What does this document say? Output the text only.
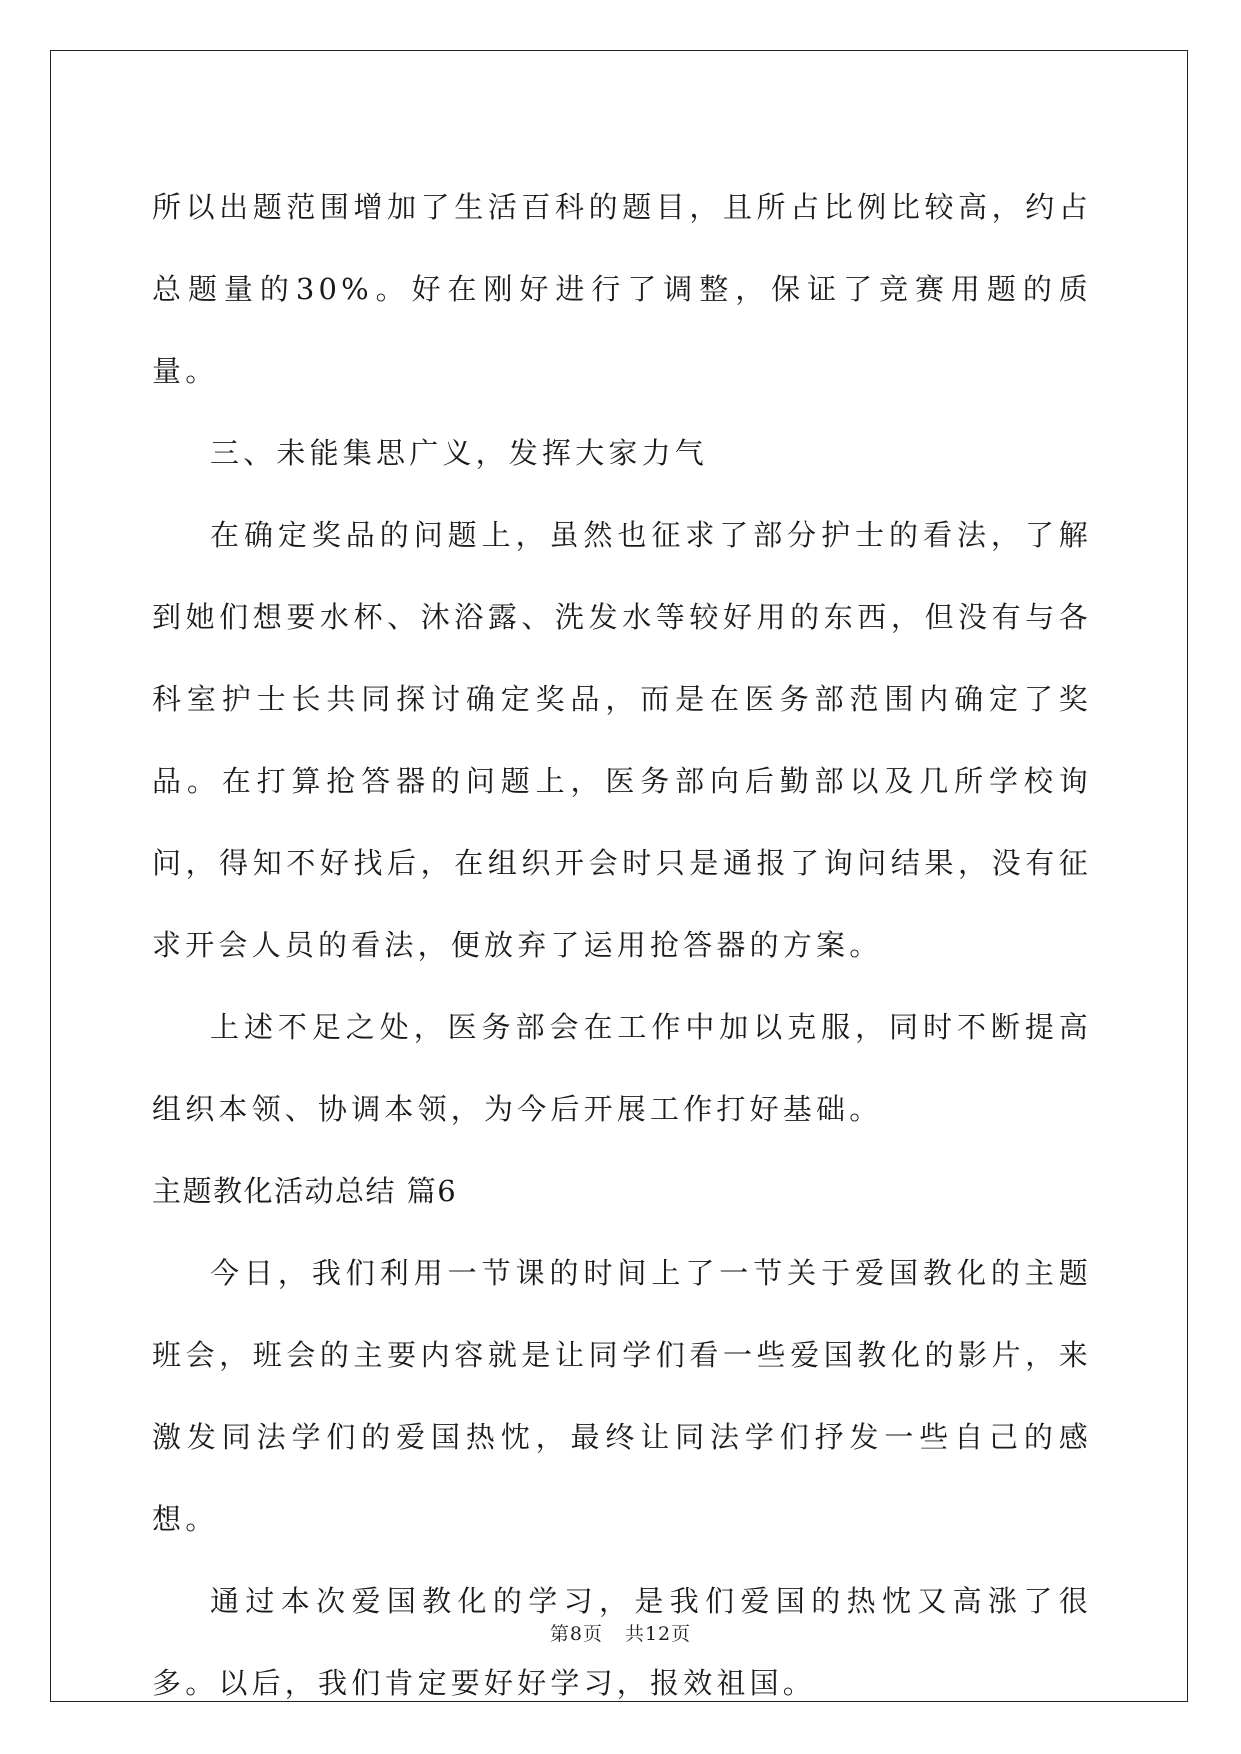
所以出题范围增加了生活百科的题目，且所占比例比较高，约占总题量的30%。好在刚好进行了调整，保证了竞赛用题的质量。

三、未能集思广义，发挥大家力气

在确定奖品的问题上，虽然也征求了部分护士的看法，了解到她们想要水杯、沐浴露、洗发水等较好用的东西，但没有与各科室护士长共同探讨确定奖品，而是在医务部范围内确定了奖品。在打算抢答器的问题上，医务部向后勤部以及几所学校询问，得知不好找后，在组织开会时只是通报了询问结果，没有征求开会人员的看法，便放弃了运用抢答器的方案。

上述不足之处，医务部会在工作中加以克服，同时不断提高组织本领、协调本领，为今后开展工作打好基础。

主题教化活动总结 篇6

今日，我们利用一节课的时间上了一节关于爱国教化的主题班会，班会的主要内容就是让同学们看一些爱国教化的影片，来激发同法学们的爱国热忱，最终让同法学们抒发一些自己的感想。

通过本次爱国教化的学习，是我们爱国的热忱又高涨了很多。以后，我们肯定要好好学习，报效祖国。

第8页 共12页
